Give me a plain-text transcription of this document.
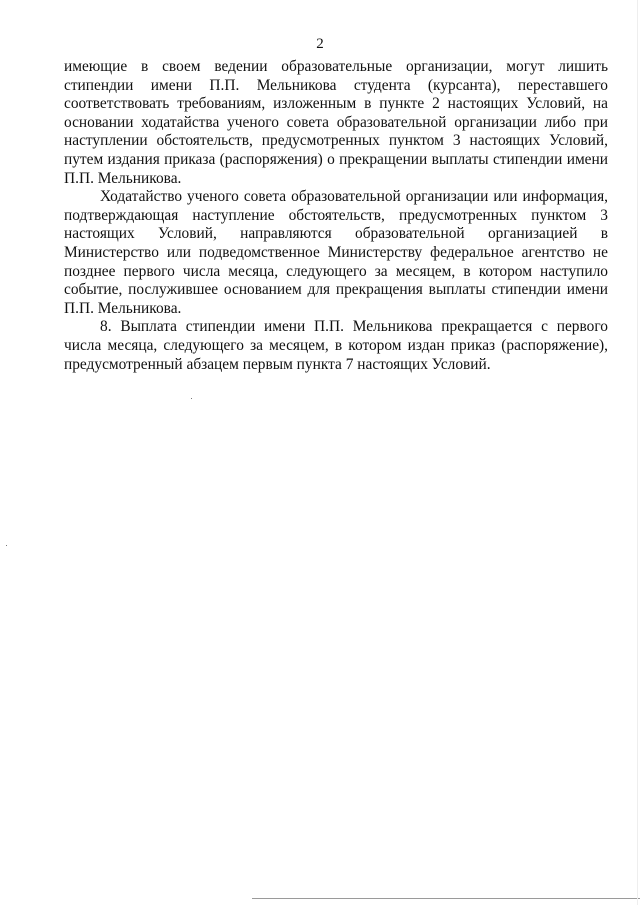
2

имеющие в своем ведении образовательные организации, могут лишить стипендии имени П.П. Мельникова студента (курсанта), переставшего соответствовать требованиям, изложенным в пункте 2 настоящих Условий, на основании ходатайства ученого совета образовательной организации либо при наступлении обстоятельств, предусмотренных пунктом 3 настоящих Условий, путем издания приказа (распоряжения) о прекращении выплаты стипендии имени П.П. Мельникова.

Ходатайство ученого совета образовательной организации или информация, подтверждающая наступление обстоятельств, предусмотренных пунктом 3 настоящих Условий, направляются образовательной организацией в Министерство или подведомственное Министерству федеральное агентство не позднее первого числа месяца, следующего за месяцем, в котором наступило событие, послужившее основанием для прекращения выплаты стипендии имени П.П. Мельникова.

8. Выплата стипендии имени П.П. Мельникова прекращается с первого числа месяца, следующего за месяцем, в котором издан приказ (распоряжение), предусмотренный абзацем первым пункта 7 настоящих Условий.
